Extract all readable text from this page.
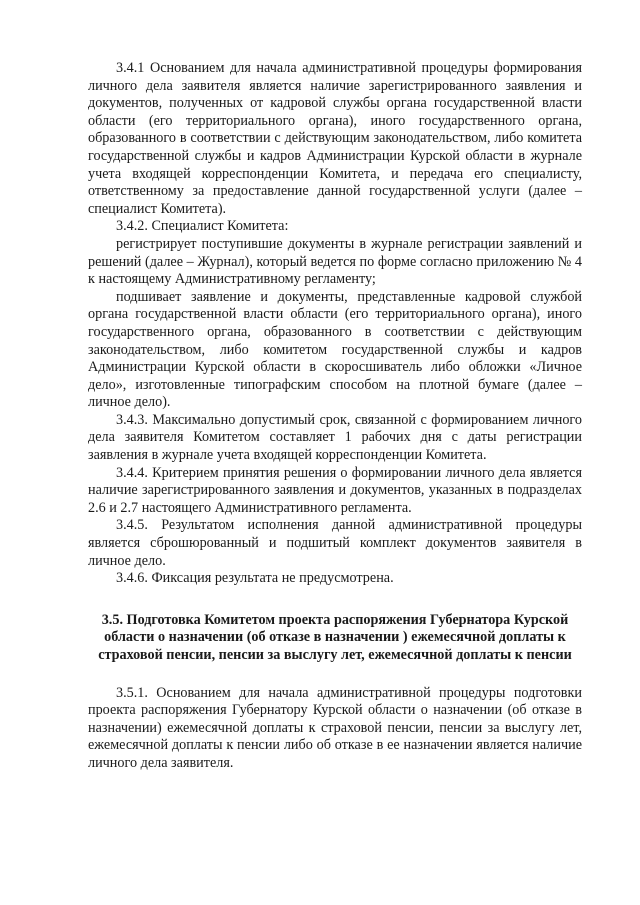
3.4.1 Основанием для начала административной процедуры формирования личного дела заявителя является наличие зарегистрированного заявления и документов, полученных от кадровой службы органа государственной власти области (его территориального органа), иного государственного органа, образованного в соответствии с действующим законодательством, либо комитета государственной службы и кадров Администрации Курской области в журнале учета входящей корреспонденции Комитета, и передача его специалисту, ответственному за предоставление данной государственной услуги (далее – специалист Комитета).

3.4.2. Специалист Комитета:

регистрирует поступившие документы в журнале регистрации заявлений и решений (далее – Журнал), который ведется по форме согласно приложению № 4 к настоящему Административному регламенту;

подшивает заявление и документы, представленные кадровой службой органа государственной власти области (его территориального органа), иного государственного органа, образованного в соответствии с действующим законодательством, либо комитетом государственной службы и кадров Администрации Курской области в скоросшиватель либо обложки «Личное дело», изготовленные типографским способом на плотной бумаге (далее – личное дело).

3.4.3. Максимально допустимый срок, связанной с формированием личного дела заявителя Комитетом составляет 1 рабочих дня с даты регистрации заявления в журнале учета входящей корреспонденции Комитета.

3.4.4. Критерием принятия решения о формировании личного дела является наличие зарегистрированного заявления и документов, указанных в подразделах 2.6 и 2.7 настоящего Административного регламента.

3.4.5. Результатом исполнения данной административной процедуры является сброшюрованный и подшитый комплект документов заявителя в личное дело.

3.4.6. Фиксация результата не предусмотрена.

3.5. Подготовка Комитетом проекта распоряжения Губернатора Курской области о назначении (об отказе в назначении ) ежемесячной доплаты к страховой пенсии, пенсии за выслугу лет, ежемесячной доплаты к пенсии

3.5.1. Основанием для начала административной процедуры подготовки проекта распоряжения Губернатору Курской области о назначении (об отказе в назначении) ежемесячной доплаты к страховой пенсии, пенсии за выслугу лет, ежемесячной доплаты к пенсии либо об отказе в ее назначении является наличие личного дела заявителя.
